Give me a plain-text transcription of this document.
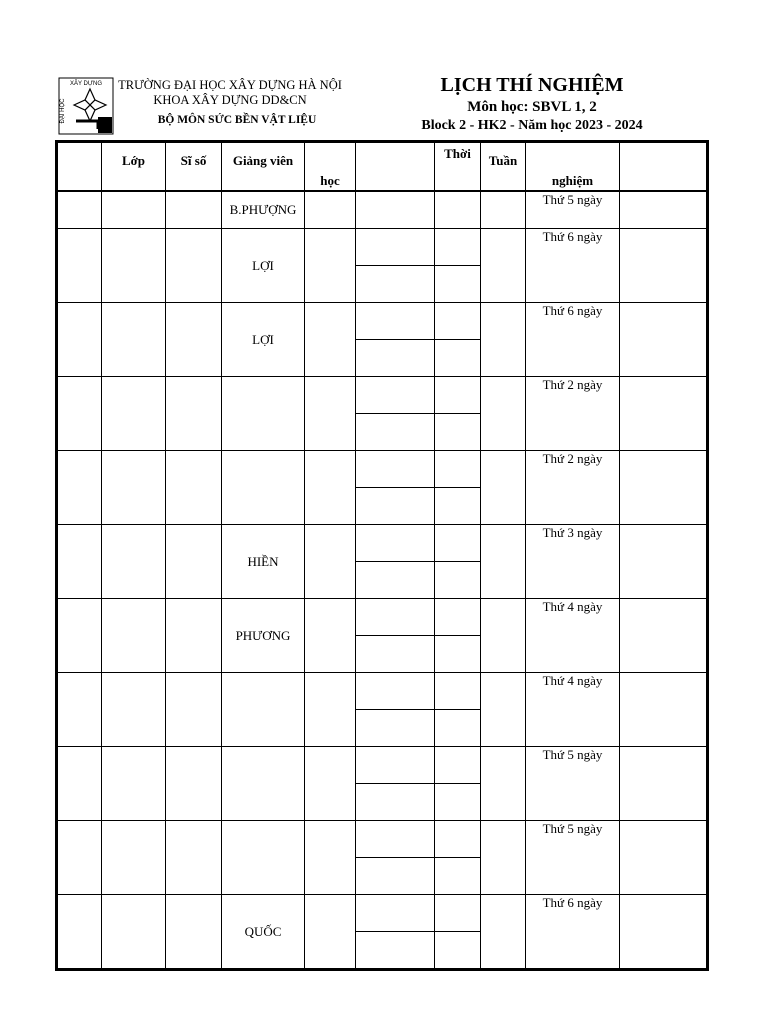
XÂY DỰNG
ĐẠI HỌC
TRƯỜNG ĐẠI HỌC XÂY DỰNG HÀ NỘI
KHOA XÂY DỰNG DD&CN
BỘ MÔN SỨC BỀN VẬT LIỆU
LỊCH THÍ NGHIỆM
Môn học: SBVL 1, 2
Block 2 - HK2 - Năm học 2023 - 2024
	Lớp	Sĩ số	Giảng viên	học		Thời	Tuần	nghiệm	
			B.PHƯỢNG					Thứ 5 ngày	
			LỢI					Thứ 6 ngày	

			LỢI					Thứ 6 ngày	

								Thứ 2 ngày	

								Thứ 2 ngày	

			HIỀN					Thứ 3 ngày	

			PHƯƠNG					Thứ 4 ngày	

								Thứ 4 ngày	

								Thứ 5 ngày	

								Thứ 5 ngày	

			QUỐC					Thứ 6 ngày	
